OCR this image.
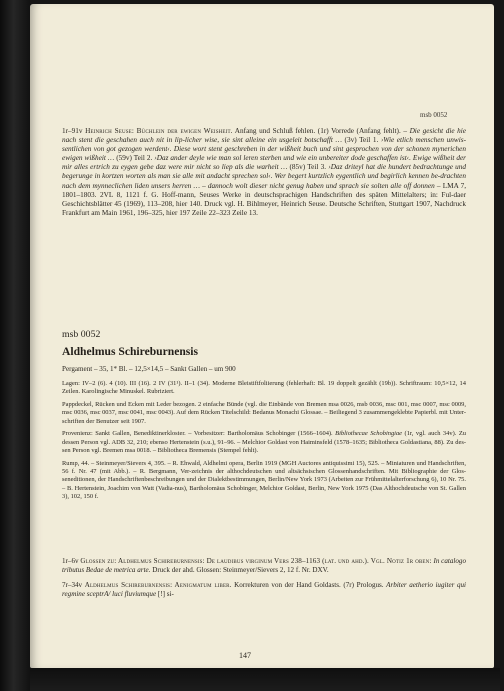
msb 0052

1r–91v Heinrich Seuse: Büchlein der ewigen Weisheit. Anfang und Schluß fehlen. (1r) Vorrede (Anfang fehlt). – Die gesicht die hie nach stent die geschahen auch nit in lip-licher wise, sie sint alleine ein usgeleit botschafft … (3v) Teil 1. ›Wie etlich menschen unwis-sentlichen von got gezogen werdent‹. Diese wort stent geschreben in der wißheit buch und sint gesprochen von der schonen mynerichen ewigen wißheit … (59v) Teil 2. ›Daz ander deyle wie man sol leren sterben und wie ein unbereiter dode geschaffen ist‹. Ewige wißheit der mir alles ertrich zu eygen gebe daz were mir nicht so liep als die warheit … (85v) Teil 3. ›Daz driteyl hat die hundert bedrachtunge und begerunge in kortzen worten als man sie alle mit andacht sprechen sol‹. Wer begert kurtzlich eygentlich und begirlich kennen be-drachten nach dem mynneclichen liden unsers herren … – dannoch wolt dieser nicht genug haben und sprach sie solten alle off donnen – LMA 7, 1801–1803. 2VL 8, 1121 f. G. Hoff-mann, Seuses Werke in deutschsprachigen Handschriften des späten Mittelalters; in: Ful-daer Geschichtsblätter 45 (1969), 113–208, hier 140. Druck vgl. H. Bihlmeyer, Heinrich Seuse. Deutsche Schriften, Stuttgart 1907, Nachdruck Frankfurt am Main 1961, 196–325, hier 197 Zeile 22–323 Zeile 13.

msb 0052
Aldhelmus Schireburnensis

Pergament – 35, 1* Bl. – 12,5×14,5 – Sankt Gallen – um 900

Lagen: IV–2 (6). 4 (10). III (16). 2 IV (31¹). II–1 (34). Moderne Bleistiftfoliierung (fehlerhaft: Bl. 19 doppelt gezählt (19b)). Schriftraum: 10,5×12, 14 Zeilen. Karolingische Minuskel. Rubriziert.

Pappdeckel, Rücken und Ecken mit Leder bezogen. 2 einfache Bünde (vgl. die Einbände von Bremen msa 0026, msb 0036, msc 001, msc 0007, msc 0009, msc 0036, msc 0037, msc 0041, msc 0043). Auf dem Rücken Titelschild: Bedanus Monachi Glossae. – Beiliegend 3 zusammengeklebte Papierbl. mit Unter-schriften der Benutzer seit 1907.

Provenienz: Sankt Gallen, Benediktinerkloster. – Vorbesitzer: Bartholomäus Schobinger (1566–1604). Bibliothecae Schobingiae (1r, vgl. auch 34v). Zu dessen Person vgl. ADB 32, 210; ebenso Hertenstein (s.u.), 91–96. – Melchior Goldast von Haiminsfeld (1578–1635; Bibliotheca Goldastiana, 88). Zu des-sen Person vgl. Bremen msa 0018. – Bibliotheca Bremensis (Stempel fehlt).

Rump, 44. – Steinmeyer/Sievers 4, 395. – R. Ehwald, Aldhelmi opera, Berlin 1919 (MGH Auctores antiquissimi 15), 525. – Miniaturen und Handschriften, 56 f. Nr. 47 (mit Abb.). – R. Bergmann, Ver-zeichnis der althochdeutschen und altsächsischen Glossenhandschriften. Mit Bibliographie der Glos-seneditionen, der Handschriftenbeschreibungen und der Dialektbestimmungen, Berlin/New York 1973 (Arbeiten zur Frühmittelalterforschung 6), 10 Nr. 75. – B. Hertenstein, Joachim von Watt (Vadia-nus), Bartholomäus Schobinger, Melchior Goldast, Berlin, New York 1975 (Das Althochdeutsche von St. Gallen 3), 102, 150 f.

1r–6v Glossen zu: Aldhelmus Schireburnensis: De laudibus virginum Vers 238–1163 (lat. und ahd.). Vgl. Notiz 1r oben: In catalogo tributus Bedae de metrica arte. Druck der ahd. Glossen: Steinmeyer/Sievers 2, 12 f. Nr. DXV.

7r–34v Aldhelmus Schireburnensis: Aenigmatum liber. Korrekturen von der Hand Goldasts. (7r) Prologus. Arbiter aetherio iugiter qui regmine sceptrA/ luci fluviumque [!] si-

147
